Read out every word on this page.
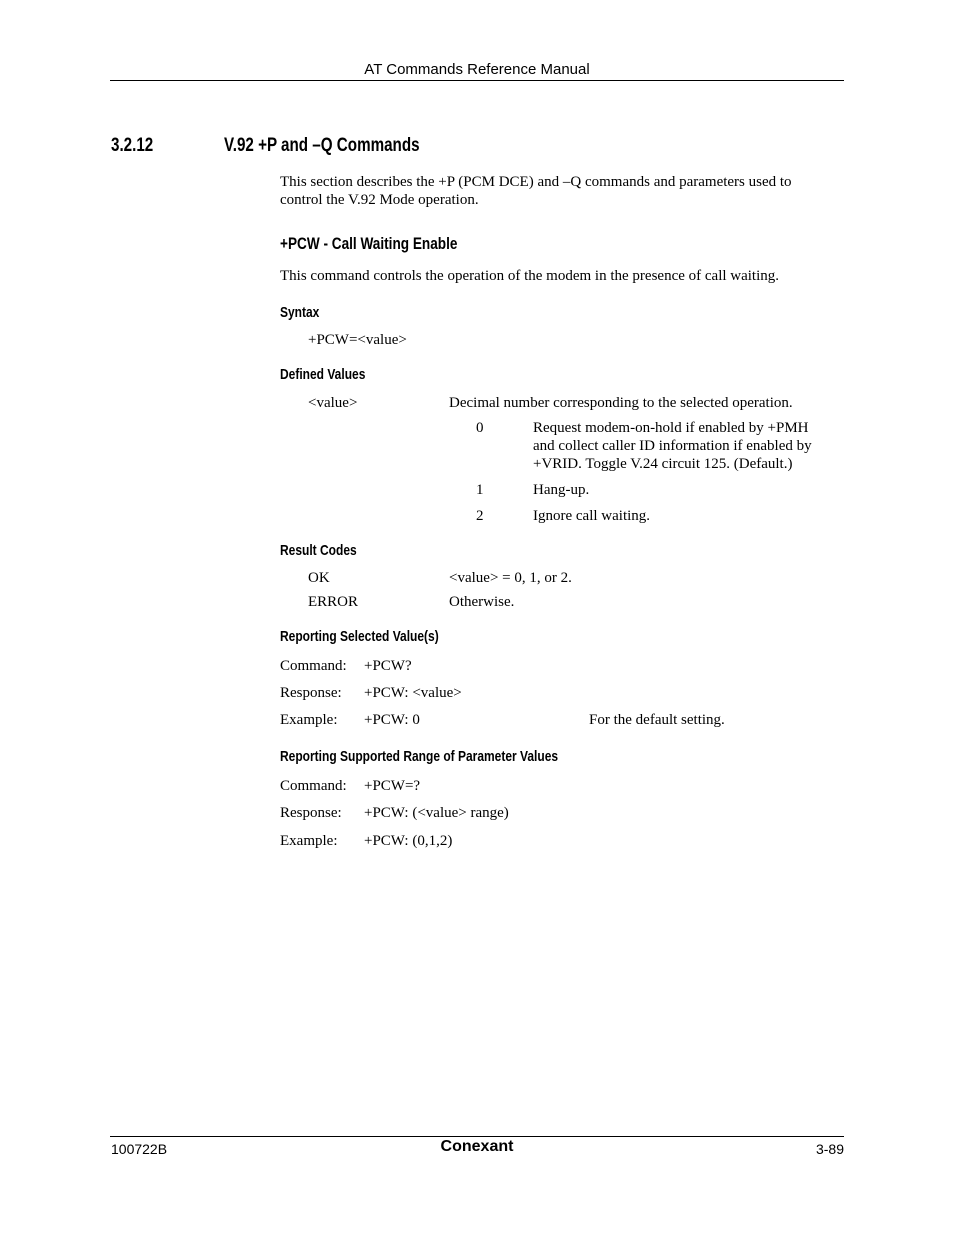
AT Commands Reference Manual
3.2.12	V.92 +P and –Q Commands
This section describes the +P (PCM DCE) and –Q commands and parameters used to
control the V.92 Mode operation.
+PCW - Call Waiting Enable
This command controls the operation of the modem in the presence of call waiting.
Syntax
+PCW=<value>
Defined Values
<value>	Decimal number corresponding to the selected operation.
0	Request modem-on-hold if enabled by +PMH
and collect caller ID information if enabled by
+VRID. Toggle V.24 circuit 125. (Default.)
1	Hang-up.
2	Ignore call waiting.
Result Codes
OK	<value> = 0, 1, or 2.
ERROR	Otherwise.
Reporting Selected Value(s)
Command: +PCW?
Response: +PCW: <value>
Example: +PCW: 0	For the default setting.
Reporting Supported Range of Parameter Values
Command: +PCW=?
Response: +PCW: (<value> range)
Example: +PCW: (0,1,2)
100722B	Conexant	3-89
